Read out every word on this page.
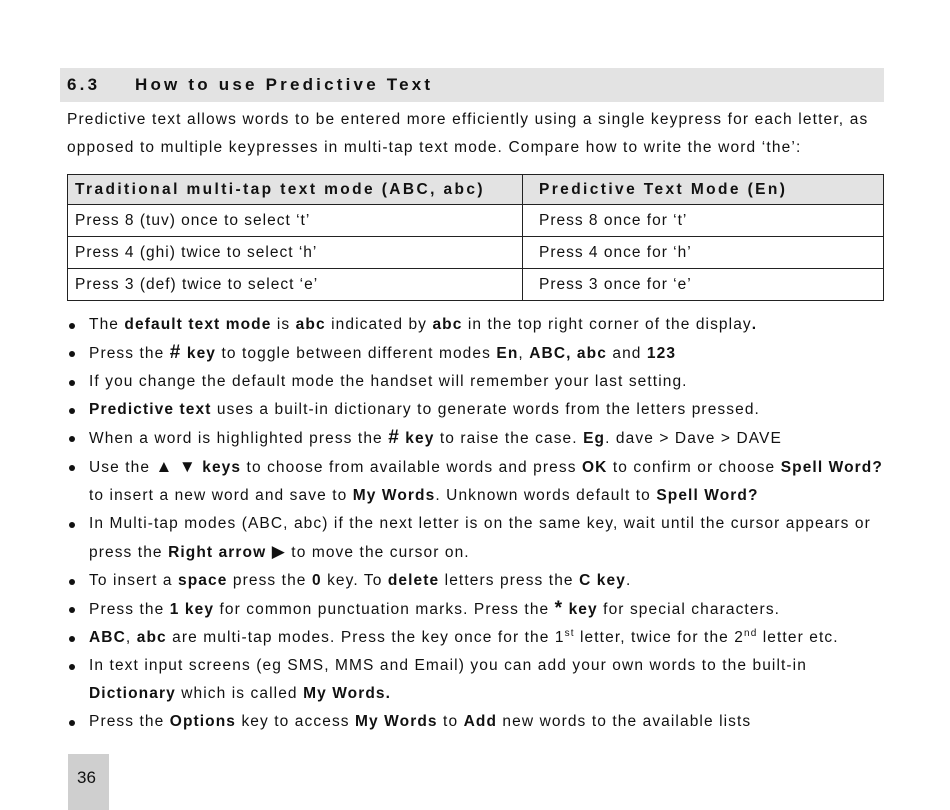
6.3 How to use Predictive Text

Predictive text allows words to be entered more efficiently using a single keypress for each letter, as opposed to multiple keypresses in multi-tap text mode. Compare how to write the word ‘the’:

Traditional multi-tap text mode (ABC, abc)	Predictive Text Mode (En)
Press 8 (tuv) once to select ‘t’	Press 8 once for ‘t’
Press 4 (ghi) twice to select ‘h’	Press 4 once for ‘h’
Press 3 (def) twice to select ‘e’	Press 3 once for ‘e’
The default text mode is abc indicated by abc in the top right corner of the display.
Press the # key to toggle between different modes En, ABC, abc and 123
If you change the default mode the handset will remember your last setting.
Predictive text uses a built-in dictionary to generate words from the letters pressed.
When a word is highlighted press the # key to raise the case. Eg. dave > Dave > DAVE
Use the ▲ ▼ keys to choose from available words and press OK to confirm or choose Spell Word? to insert a new word and save to My Words. Unknown words default to Spell Word?
In Multi-tap modes (ABC, abc) if the next letter is on the same key, wait until the cursor appears or press the Right arrow ▶ to move the cursor on.
To insert a space press the 0 key. To delete letters press the C key.
Press the 1 key for common punctuation marks. Press the * key for special characters.
ABC, abc are multi-tap modes. Press the key once for the 1st letter, twice for the 2nd letter etc.
In text input screens (eg SMS, MMS and Email) you can add your own words to the built-in Dictionary which is called My Words.
Press the Options key to access My Words to Add new words to the available lists
36
